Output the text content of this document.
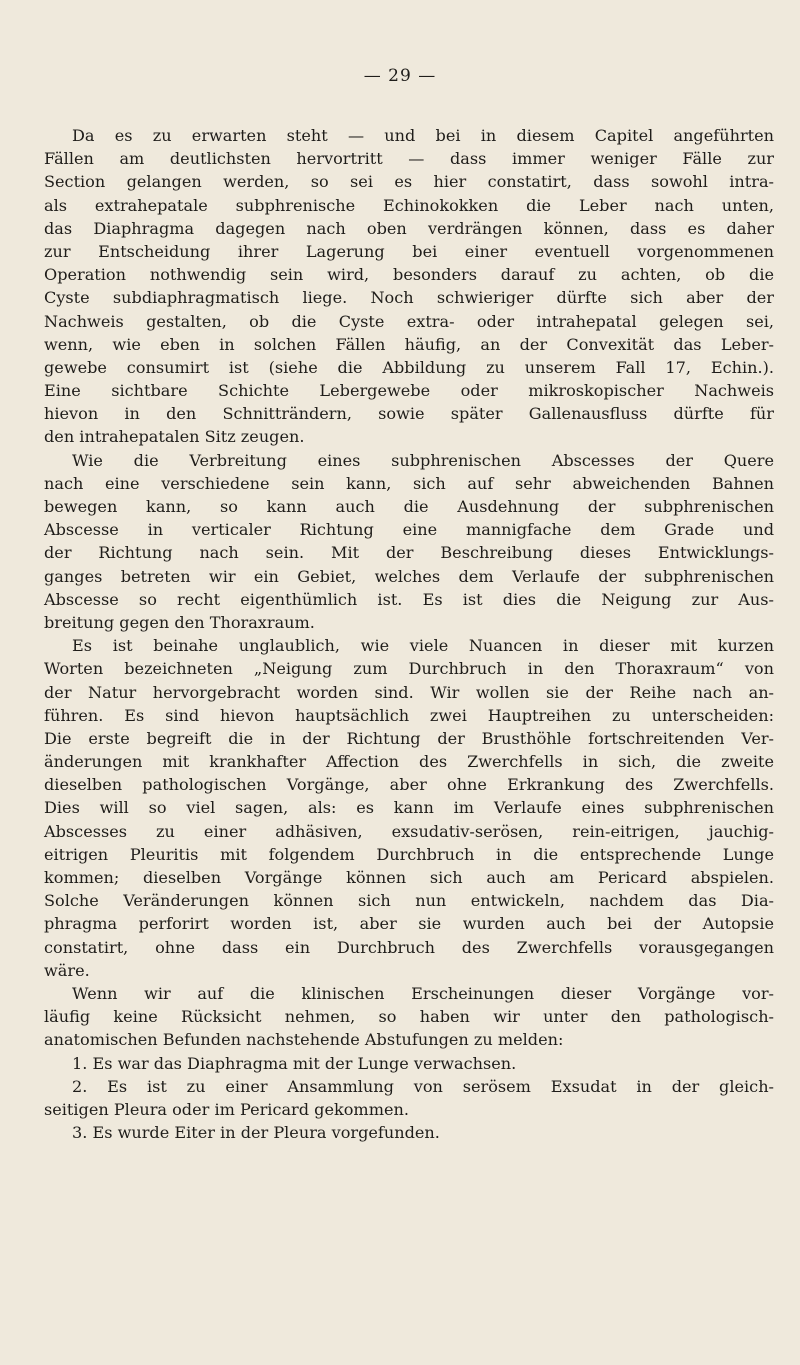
— 29 —
Da es zu erwarten steht — und bei in diesem Capitel angeführten
Fällen am deutlichsten hervortritt — dass immer weniger Fälle zur
Section gelangen werden, so sei es hier constatirt, dass sowohl intra-
als extrahepatale subphrenische Echinokokken die Leber nach unten,
das Diaphragma dagegen nach oben verdrängen können, dass es daher
zur Entscheidung ihrer Lagerung bei einer eventuell vorgenommenen
Operation nothwendig sein wird, besonders darauf zu achten, ob die
Cyste subdiaphragmatisch liege. Noch schwieriger dürfte sich aber der
Nachweis gestalten, ob die Cyste extra- oder intrahepatal gelegen sei,
wenn, wie eben in solchen Fällen häufig, an der Convexität das Leber-
gewebe consumirt ist (siehe die Abbildung zu unserem Fall 17, Echin.).
Eine sichtbare Schichte Lebergewebe oder mikroskopischer Nachweis
hievon in den Schnitträndern, sowie später Gallenausfluss dürfte für
den intrahepatalen Sitz zeugen.
Wie die Verbreitung eines subphrenischen Abscesses der Quere
nach eine verschiedene sein kann, sich auf sehr abweichenden Bahnen
bewegen kann, so kann auch die Ausdehnung der subphrenischen
Abscesse in verticaler Richtung eine mannigfache dem Grade und
der Richtung nach sein. Mit der Beschreibung dieses Entwicklungs-
ganges betreten wir ein Gebiet, welches dem Verlaufe der subphrenischen
Abscesse so recht eigenthümlich ist. Es ist dies die Neigung zur Aus-
breitung gegen den Thoraxraum.
Es ist beinahe unglaublich, wie viele Nuancen in dieser mit kurzen
Worten bezeichneten „Neigung zum Durchbruch in den Thoraxraum“ von
der Natur hervorgebracht worden sind. Wir wollen sie der Reihe nach an-
führen. Es sind hievon hauptsächlich zwei Hauptreihen zu unterscheiden:
Die erste begreift die in der Richtung der Brusthöhle fortschreitenden Ver-
änderungen mit krankhafter Affection des Zwerchfells in sich, die zweite
dieselben pathologischen Vorgänge, aber ohne Erkrankung des Zwerchfells.
Dies will so viel sagen, als: es kann im Verlaufe eines subphrenischen
Abscesses zu einer adhäsiven, exsudativ-serösen, rein-eitrigen, jauchig-
eitrigen Pleuritis mit folgendem Durchbruch in die entsprechende Lunge
kommen; dieselben Vorgänge können sich auch am Pericard abspielen.
Solche Veränderungen können sich nun entwickeln, nachdem das Dia-
phragma perforirt worden ist, aber sie wurden auch bei der Autopsie
constatirt, ohne dass ein Durchbruch des Zwerchfells vorausgegangen
wäre.
Wenn wir auf die klinischen Erscheinungen dieser Vorgänge vor-
läufig keine Rücksicht nehmen, so haben wir unter den pathologisch-
anatomischen Befunden nachstehende Abstufungen zu melden:
1. Es war das Diaphragma mit der Lunge verwachsen.
2. Es ist zu einer Ansammlung von serösem Exsudat in der gleich-
seitigen Pleura oder im Pericard gekommen.
3. Es wurde Eiter in der Pleura vorgefunden.
